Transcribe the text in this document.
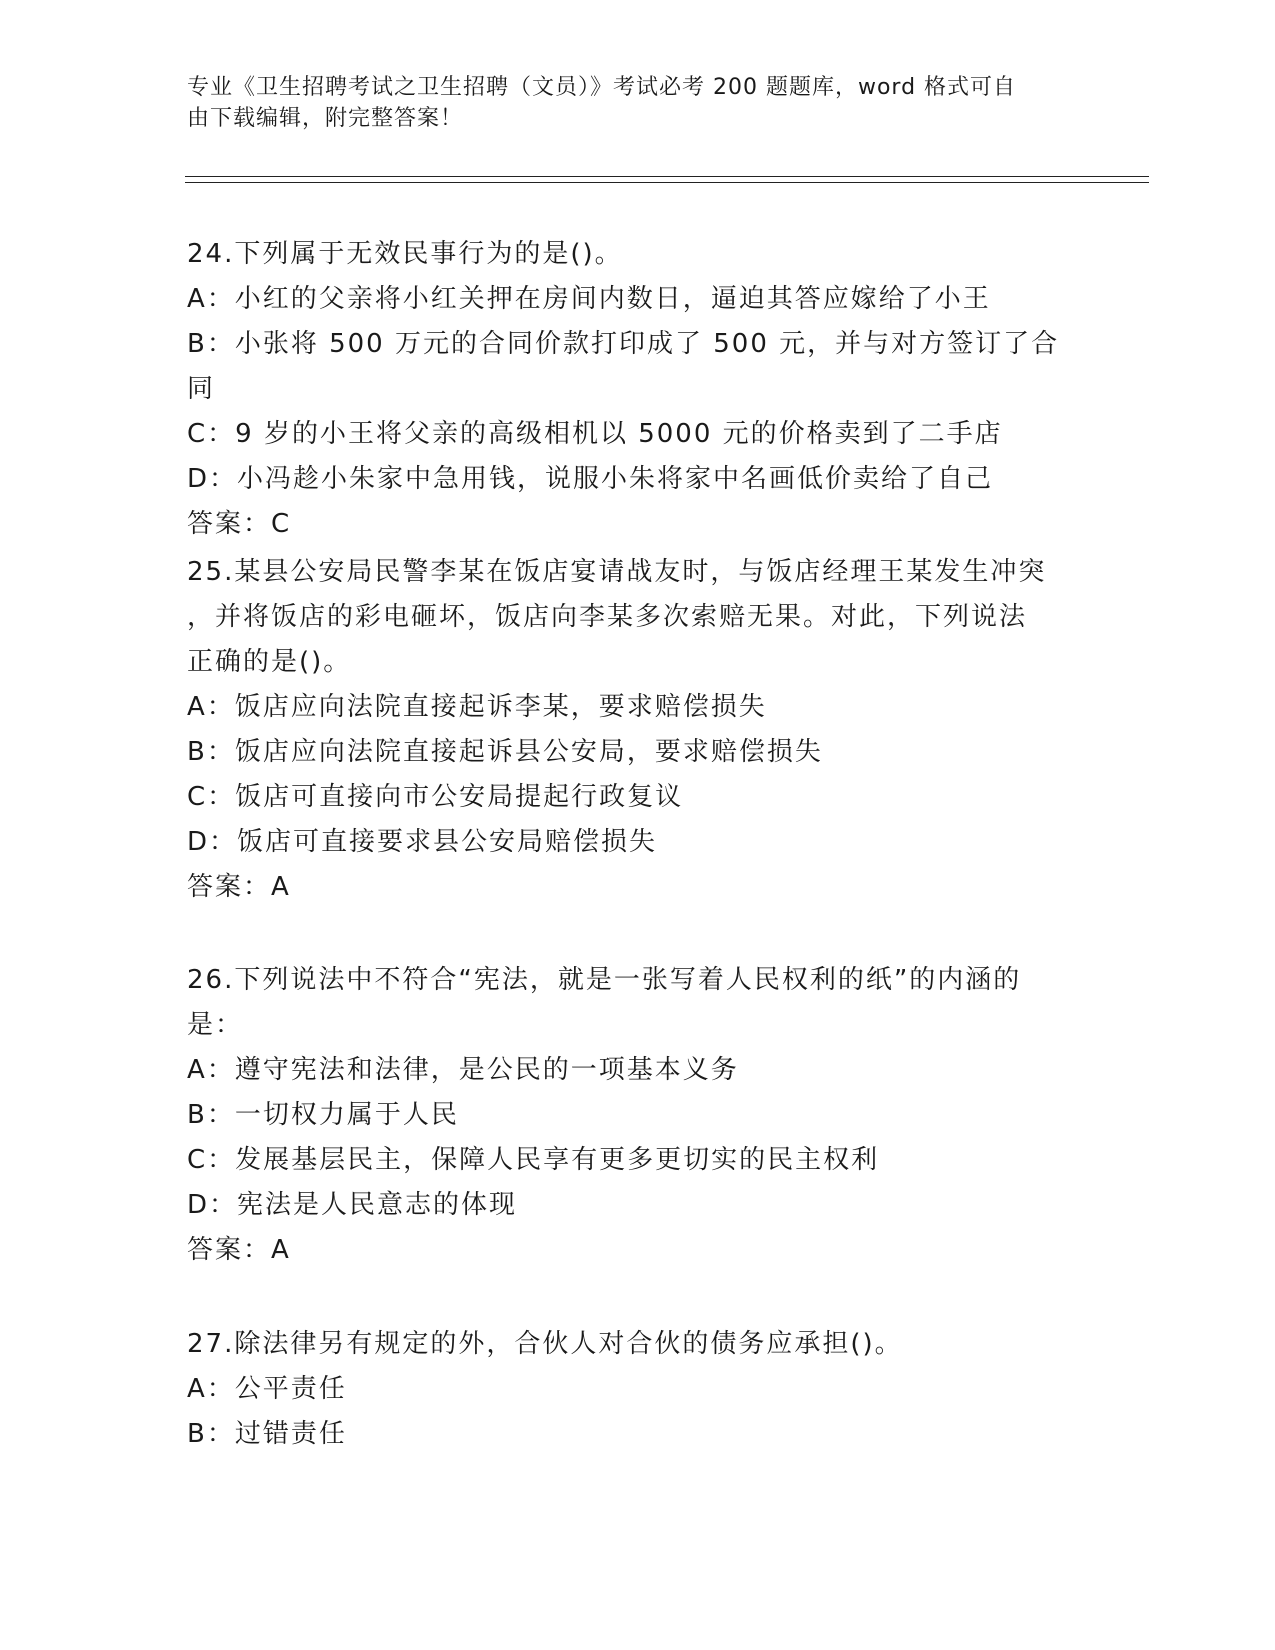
专业《卫生招聘考试之卫生招聘（文员）》考试必考 200 题题库，word 格式可自
由下载编辑，附完整答案！

24.下列属于无效民事行为的是()。

A：小红的父亲将小红关押在房间内数日，逼迫其答应嫁给了小王

B：小张将 500 万元的合同价款打印成了 500 元，并与对方签订了合同

C：9 岁的小王将父亲的高级相机以 5000 元的价格卖到了二手店

D：小冯趁小朱家中急用钱，说服小朱将家中名画低价卖给了自己

答案：C

25.某县公安局民警李某在饭店宴请战友时，与饭店经理王某发生冲突

，并将饭店的彩电砸坏，饭店向李某多次索赔无果。对此，下列说法

正确的是()。

A：饭店应向法院直接起诉李某，要求赔偿损失

B：饭店应向法院直接起诉县公安局，要求赔偿损失

C：饭店可直接向市公安局提起行政复议

D：饭店可直接要求县公安局赔偿损失

答案：A

26.下列说法中不符合“宪法，就是一张写着人民权利的纸”的内涵的

是：

A：遵守宪法和法律，是公民的一项基本义务

B：一切权力属于人民

C：发展基层民主，保障人民享有更多更切实的民主权利

D：宪法是人民意志的体现

答案：A

27.除法律另有规定的外，合伙人对合伙的债务应承担()。

A：公平责任

B：过错责任
